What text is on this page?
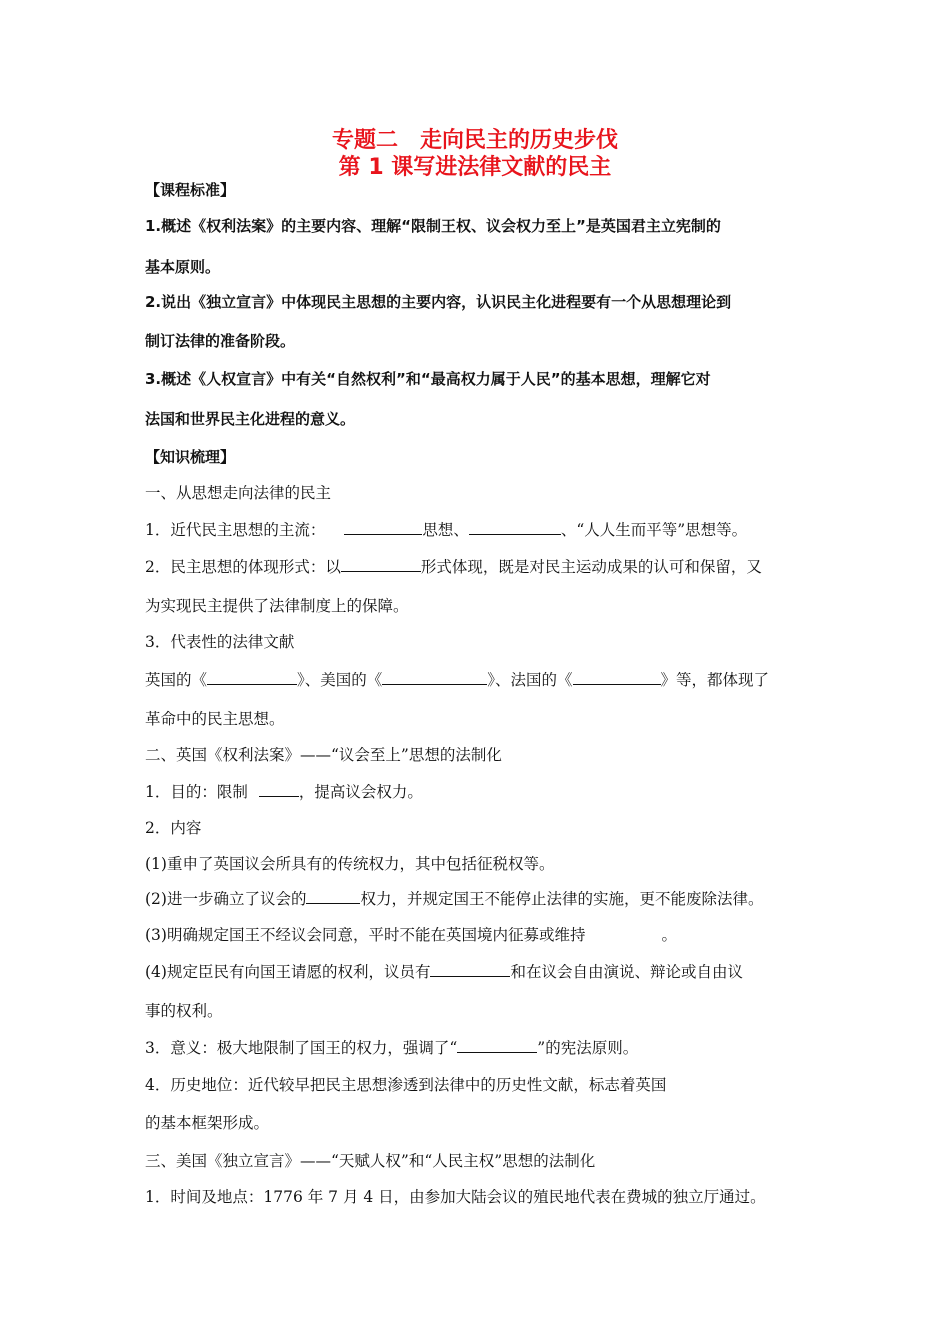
专题二　走向民主的历史步伐
第 1 课写进法律文献的民主
【课程标准】
1.概述《权利法案》的主要内容、理解“限制王权、议会权力至上”是英国君主立宪制的
基本原则。
2.说出《独立宣言》中体现民主思想的主要内容，认识民主化进程要有一个从思想理论到
制订法律的准备阶段。
3.概述《人权宣言》中有关“自然权利”和“最高权力属于人民”的基本思想，理解它对
法国和世界民主化进程的意义。
【知识梳理】
一、从思想走向法律的民主
1．近代民主思想的主流：	思想、	、“人人生而平等”思想等。
2．民主思想的体现形式：以	形式体现，既是对民主运动成果的认可和保留，又
为实现民主提供了法律制度上的保障。
3．代表性的法律文献
英国的《	》、美国的《	》、法国的《	》等，都体现了
革命中的民主思想。
二、英国《权利法案》——“议会至上”思想的法制化
1．目的：限制	，提高议会权力。
2．内容
(1)重申了英国议会所具有的传统权力，其中包括征税权等。
(2)进一步确立了议会的	权力，并规定国王不能停止法律的实施，更不能废除法律。
(3)明确规定国王不经议会同意，平时不能在英国境内征募或维持	。
(4)规定臣民有向国王请愿的权利，议员有	和在议会自由演说、辩论或自由议
事的权利。
3．意义：极大地限制了国王的权力，强调了“	”的宪法原则。
4．历史地位：近代较早把民主思想渗透到法律中的历史性文献，标志着英国
的基本框架形成。
三、美国《独立宣言》——“天赋人权”和“人民主权”思想的法制化
1．时间及地点：1776 年 7 月 4 日，由参加大陆会议的殖民地代表在费城的独立厅通过。
